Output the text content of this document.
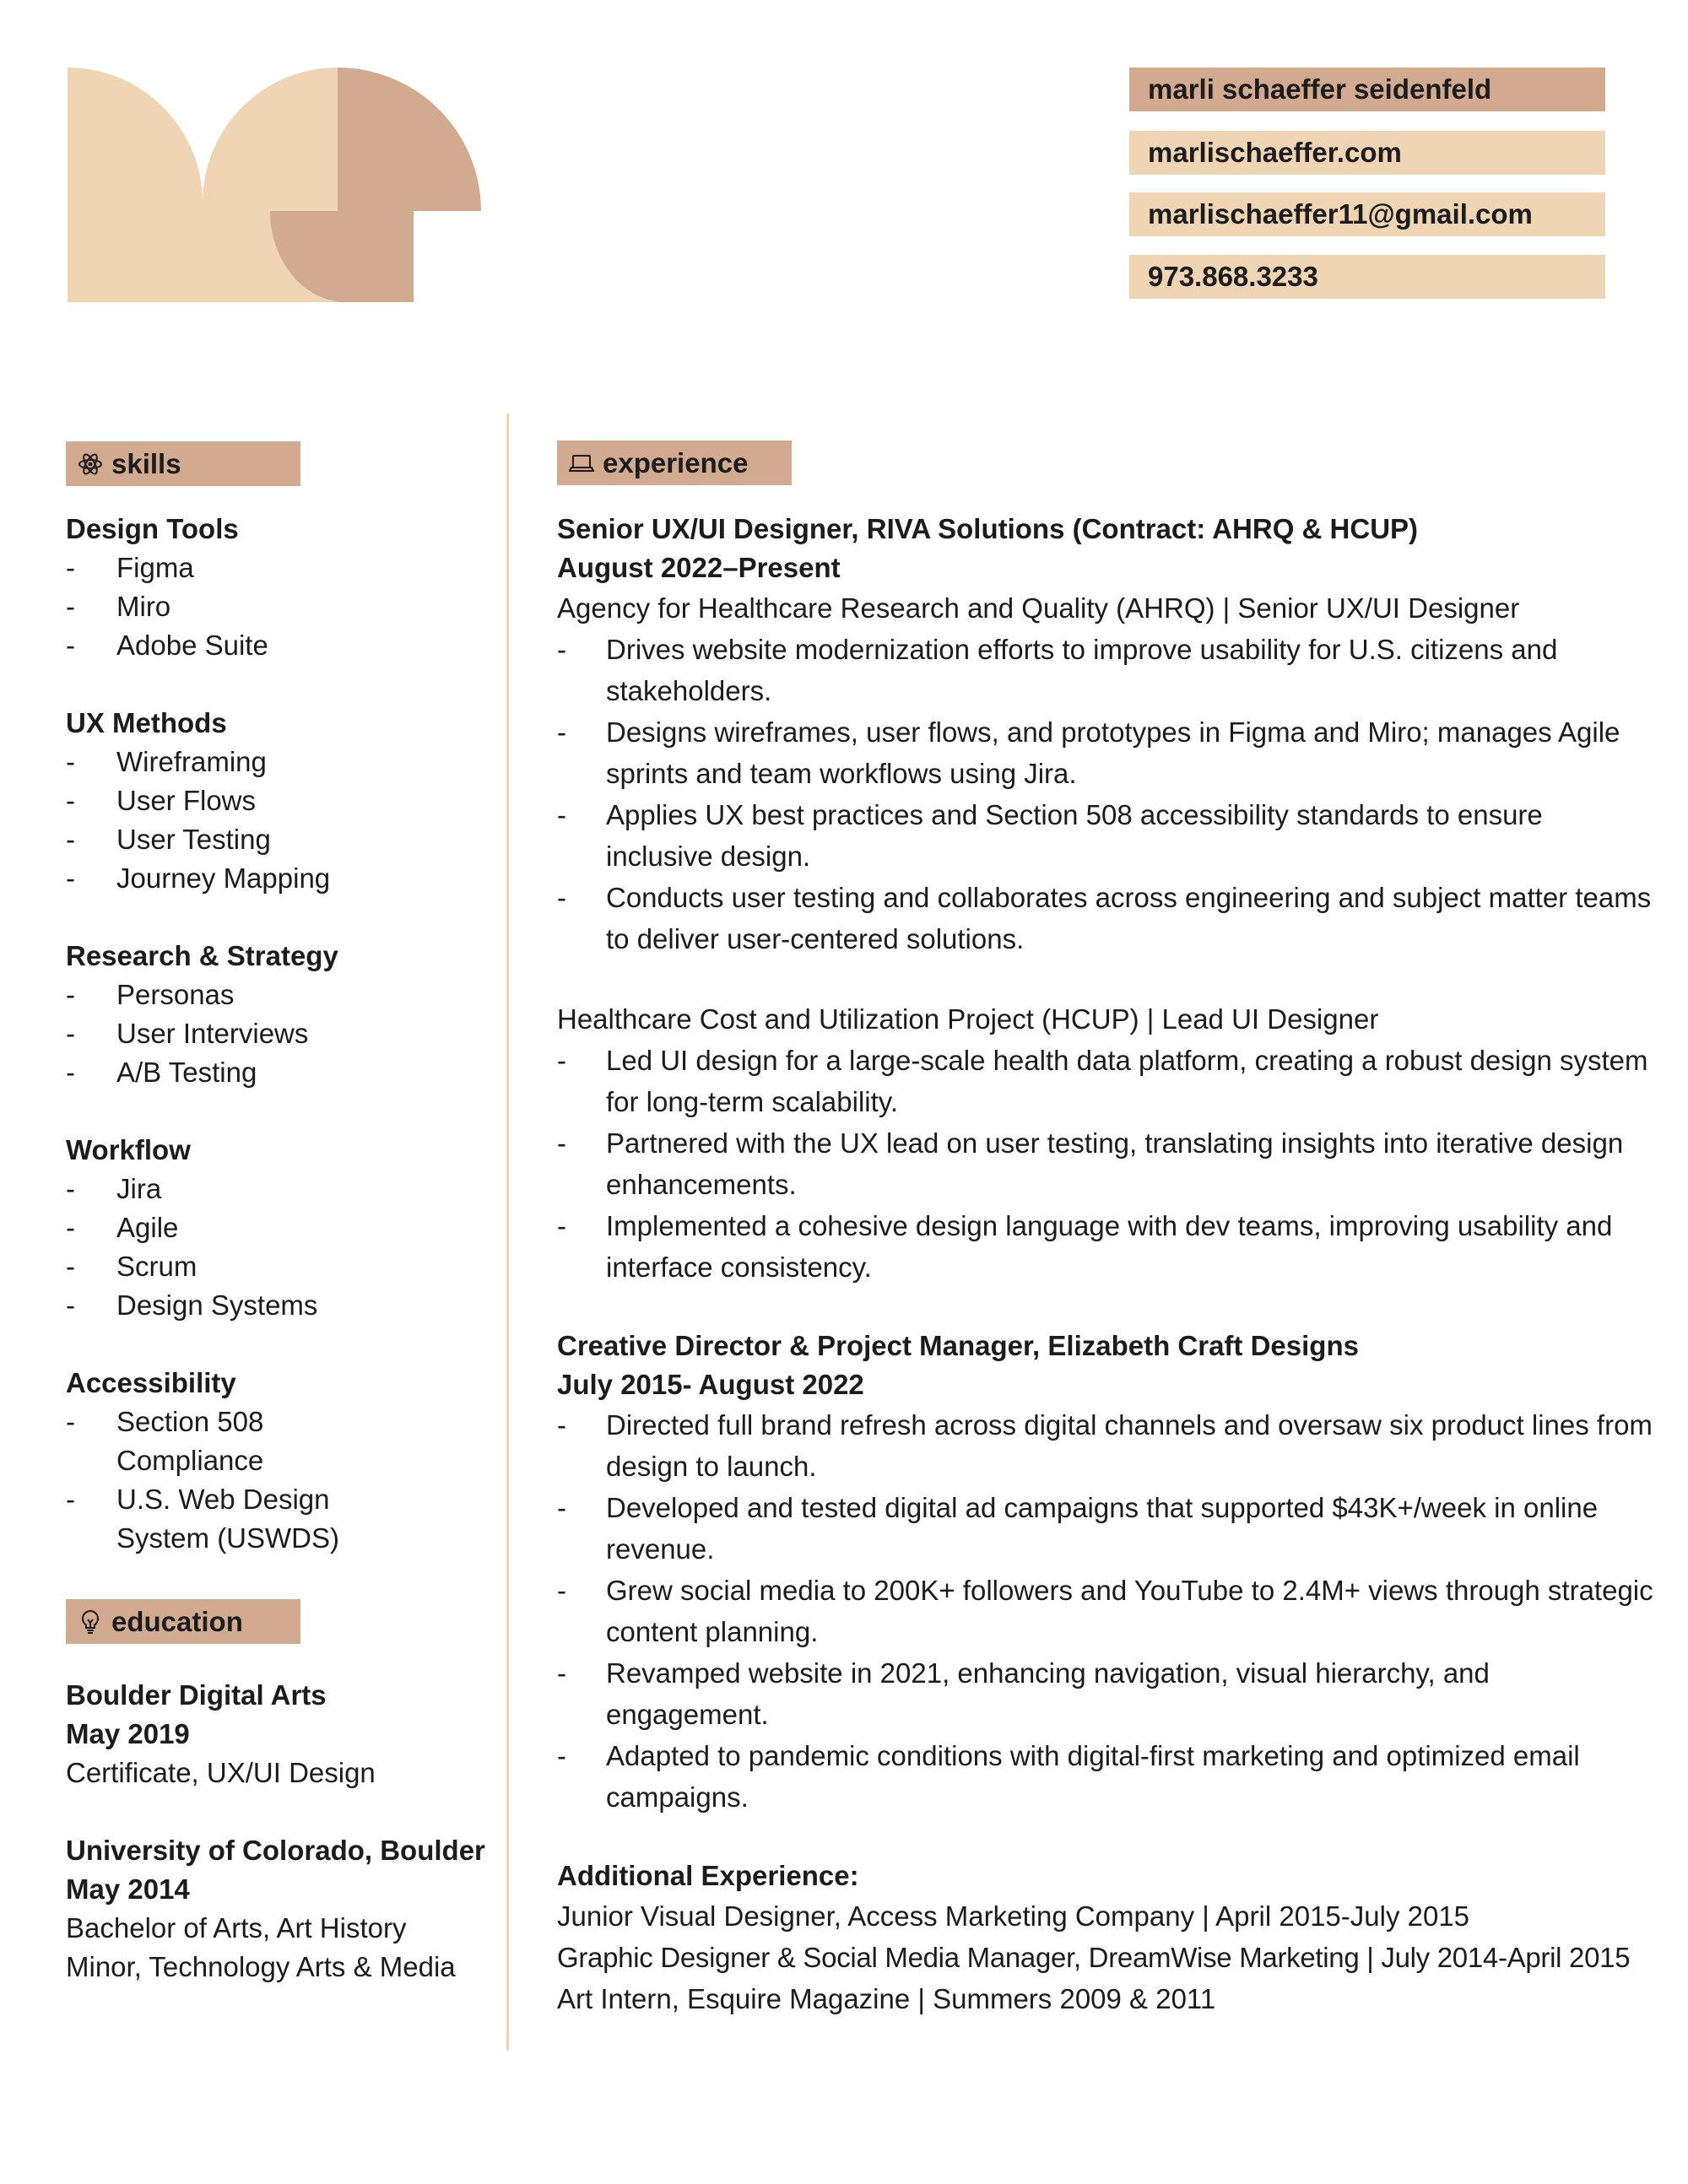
marli schaeffer seidenfeld
marlischaeffer.com
marlischaeffer11@gmail.com
973.868.3233
skills
education
experience
Design Tools
- Figma
- Miro
- Adobe Suite
UX Methods
- Wireframing
- User Flows
- User Testing
- Journey Mapping
Research & Strategy
- Personas
- User Interviews
- A/B Testing
Workflow
- Jira
- Agile
- Scrum
- Design Systems
Accessibility
- Section 508 Compliance
- U.S. Web Design System (USWDS)
Boulder Digital Arts
May 2019
Certificate, UX/UI Design
University of Colorado, Boulder
May 2014
Bachelor of Arts, Art History
Minor, Technology Arts & Media
Senior UX/UI Designer, RIVA Solutions (Contract: AHRQ & HCUP)
August 2022–Present
Agency for Healthcare Research and Quality (AHRQ) | Senior UX/UI Designer
- Drives website modernization efforts to improve usability for U.S. citizens and stakeholders.
- Designs wireframes, user flows, and prototypes in Figma and Miro; manages Agile sprints and team workflows using Jira.
- Applies UX best practices and Section 508 accessibility standards to ensure inclusive design.
- Conducts user testing and collaborates across engineering and subject matter teams to deliver user-centered solutions.
Healthcare Cost and Utilization Project (HCUP) | Lead UI Designer
- Led UI design for a large-scale health data platform, creating a robust design system for long-term scalability.
- Partnered with the UX lead on user testing, translating insights into iterative design enhancements.
- Implemented a cohesive design language with dev teams, improving usability and interface consistency.
Creative Director & Project Manager, Elizabeth Craft Designs
July 2015- August 2022
- Directed full brand refresh across digital channels and oversaw six product lines from design to launch.
- Developed and tested digital ad campaigns that supported $43K+/week in online revenue.
- Grew social media to 200K+ followers and YouTube to 2.4M+ views through strategic content planning.
- Revamped website in 2021, enhancing navigation, visual hierarchy, and engagement.
- Adapted to pandemic conditions with digital-first marketing and optimized email campaigns.
Additional Experience:
Junior Visual Designer, Access Marketing Company | April 2015-July 2015
Graphic Designer & Social Media Manager, DreamWise Marketing | July 2014-April 2015
Art Intern, Esquire Magazine | Summers 2009 & 2011
